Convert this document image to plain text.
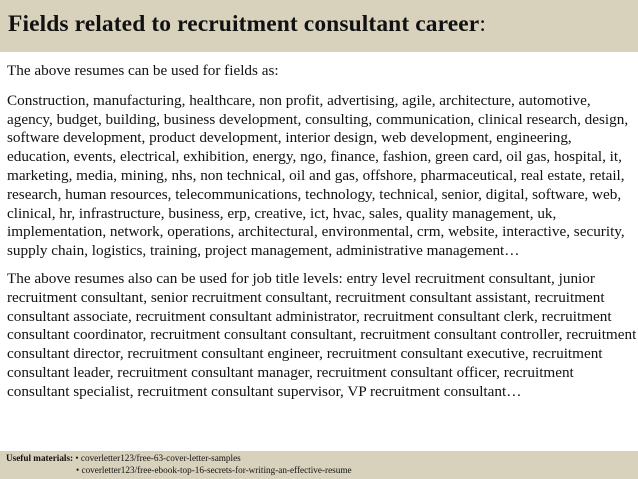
Fields related to recruitment consultant career:

The above resumes can be used for fields as:

Construction, manufacturing, healthcare, non profit, advertising, agile, architecture, automotive, agency, budget, building, business development, consulting, communication, clinical research, design, software development, product development, interior design, web development, engineering, education, events, electrical, exhibition, energy, ngo, finance, fashion, green card, oil gas, hospital, it, marketing, media, mining, nhs, non technical, oil and gas, offshore, pharmaceutical, real estate, retail, research, human resources, telecommunications, technology, technical, senior, digital, software, web, clinical, hr, infrastructure, business, erp, creative, ict, hvac, sales, quality management, uk, implementation, network, operations, architectural, environmental, crm, website, interactive, security, supply chain, logistics, training, project management, administrative management…

The above resumes also can be used for job title levels: entry level recruitment consultant, junior recruitment consultant, senior recruitment consultant, recruitment consultant assistant, recruitment consultant associate, recruitment consultant administrator, recruitment consultant clerk, recruitment consultant coordinator, recruitment consultant consultant, recruitment consultant controller, recruitment consultant director, recruitment consultant engineer, recruitment consultant executive, recruitment consultant leader, recruitment consultant manager, recruitment consultant officer, recruitment consultant specialist, recruitment consultant supervisor, VP recruitment consultant…

Useful materials: • coverletter123/free-63-cover-letter-samples
• coverletter123/free-ebook-top-16-secrets-for-writing-an-effective-resume
